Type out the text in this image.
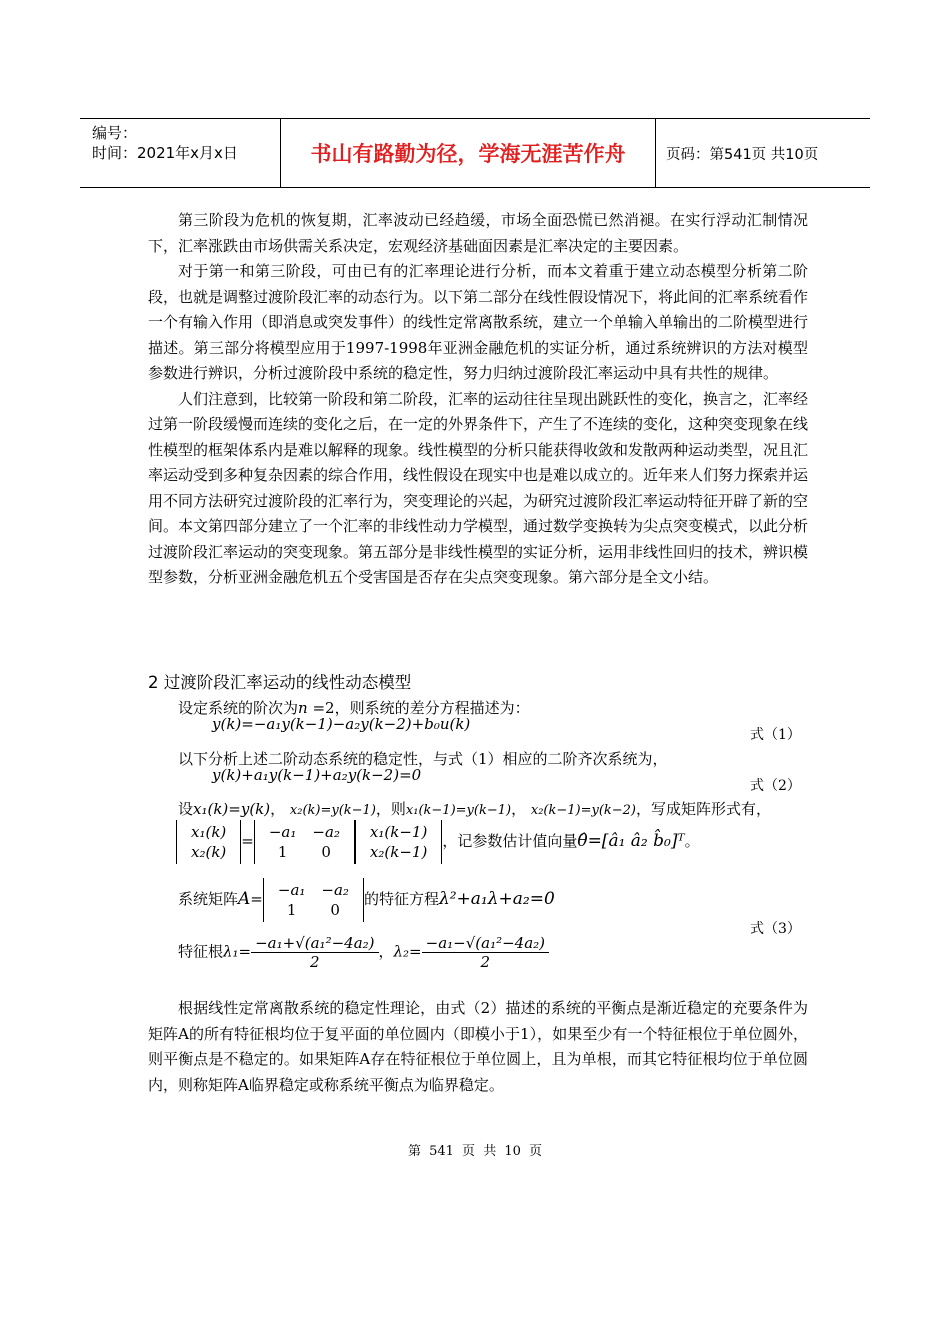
编号：
时间：2021年x月x日	书山有路勤为径，学海无涯苦作舟	页码：第541页 共10页
第三阶段为危机的恢复期，汇率波动已经趋缓，市场全面恐慌已然消褪。在实行浮动汇制情况下，汇率涨跌由市场供需关系决定，宏观经济基础面因素是汇率决定的主要因素。
对于第一和第三阶段，可由已有的汇率理论进行分析，而本文着重于建立动态模型分析第二阶段，也就是调整过渡阶段汇率的动态行为。以下第二部分在线性假设情况下，将此间的汇率系统看作一个有输入作用（即消息或突发事件）的线性定常离散系统，建立一个单输入单输出的二阶模型进行描述。第三部分将模型应用于1997-1998年亚洲金融危机的实证分析，通过系统辨识的方法对模型参数进行辨识，分析过渡阶段中系统的稳定性，努力归纳过渡阶段汇率运动中具有共性的规律。
人们注意到，比较第一阶段和第二阶段，汇率的运动往往呈现出跳跃性的变化，换言之，汇率经过第一阶段缓慢而连续的变化之后，在一定的外界条件下，产生了不连续的变化，这种突变现象在线性模型的框架体系内是难以解释的现象。线性模型的分析只能获得收敛和发散两种运动类型，况且汇率运动受到多种复杂因素的综合作用，线性假设在现实中也是难以成立的。近年来人们努力探索并运用不同方法研究过渡阶段的汇率行为，突变理论的兴起，为研究过渡阶段汇率运动特征开辟了新的空间。本文第四部分建立了一个汇率的非线性动力学模型，通过数学变换转为尖点突变模式，以此分析过渡阶段汇率运动的突变现象。第五部分是非线性模型的实证分析，运用非线性回归的技术，辨识模型参数，分析亚洲金融危机五个受害国是否存在尖点突变现象。第六部分是全文小结。
2 过渡阶段汇率运动的线性动态模型
设定系统的阶次为n =2，则系统的差分方程描述为：
y(k)=−a₁y(k−1)−a₂y(k−2)+b₀u(k)
式（1）
以下分析上述二阶动态系统的稳定性，与式（1）相应的二阶齐次系统为，
y(k)+a₁y(k−1)+a₂y(k−2)=0
式（2）
设x₁(k)=y(k)， x₂(k)=y(k−1)，则x₁(k−1)=y(k−1)， x₂(k−1)=y(k−2)，写成矩阵形式有，
x₁(k)
x₂(k)
= −a₁	−a₂
1	0
x₁(k−1)
x₂(k−1)
，记参数估计值向量θ̂=[â₁ â₂ b̂₀]ᵀ。
系统矩阵A= −a₁	−a₂
1	0
的特征方程λ²+a₁λ+a₂=0
式（3）
特征根$\lambda_1= \frac{\text{−a₁+√(a₁²−4a₂)}}{2}$ ，$\lambda_2= \frac{\text{−a₁−√(a₁²−4a₂)}}{2}$
根据线性定常离散系统的稳定性理论，由式（2）描述的系统的平衡点是渐近稳定的充要条件为矩阵A的所有特征根均位于复平面的单位圆内（即模小于1），如果至少有一个特征根位于单位圆外，则平衡点是不稳定的。如果矩阵A存在特征根位于单位圆上，且为单根，而其它特征根均位于单位圆内，则称矩阵A临界稳定或称系统平衡点为临界稳定。
第 541 页 共 10 页
